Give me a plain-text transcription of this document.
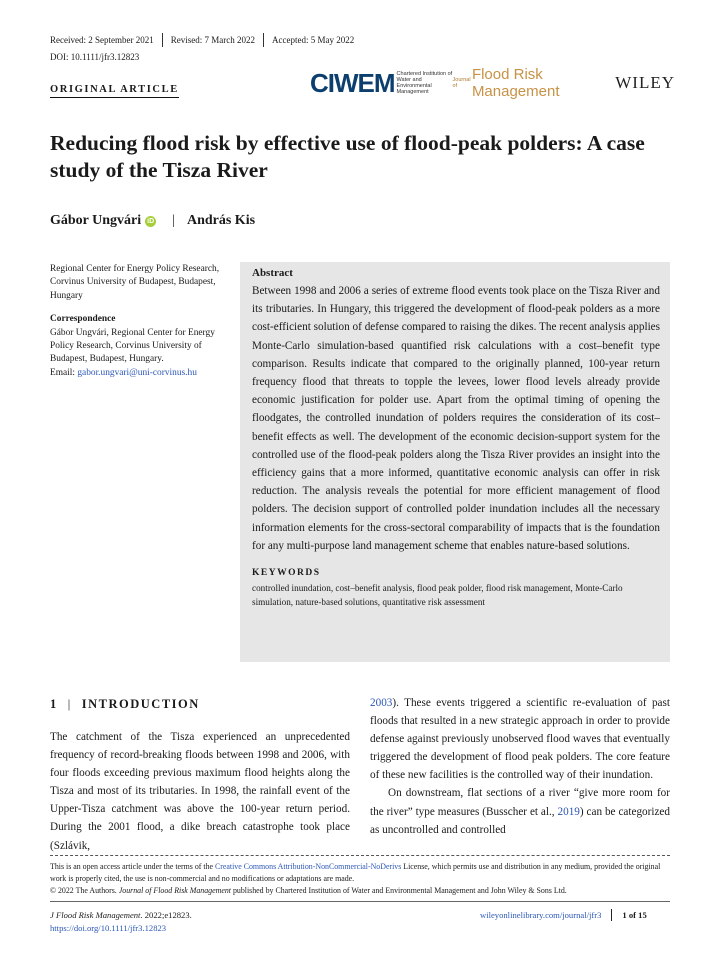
Received: 2 September 2021	Revised: 7 March 2022	Accepted: 5 May 2022
DOI: 10.1111/jfr3.12823
ORIGINAL ARTICLE	CIWEM Chartered Institution of Water and Environmental Management
Journal of
Flood Risk Management	WILEY
Reducing flood risk by effective use of flood-peak polders: A case study of the Tisza River
Gábor Ungvári iD | András Kis
Regional Center for Energy Policy Research, Corvinus University of Budapest, Budapest, Hungary
Correspondence
Gábor Ungvári, Regional Center for Energy Policy Research, Corvinus University of Budapest, Budapest, Hungary.
Email: gabor.ungvari@uni-corvinus.hu
Abstract
Between 1998 and 2006 a series of extreme flood events took place on the Tisza River and its tributaries. In Hungary, this triggered the development of flood-peak polders as a more cost-efficient solution of defense compared to raising the dikes. The recent analysis applies Monte-Carlo simulation-based quantified risk calculations with a cost–benefit type comparison. Results indicate that compared to the originally planned, 100-year return frequency flood that threats to topple the levees, lower flood levels already provide economic justification for polder use. Apart from the optimal timing of opening the floodgates, the controlled inundation of polders requires the consideration of its cost–benefit effects as well. The development of the economic decision-support system for the controlled use of the flood-peak polders along the Tisza River provides an insight into the efficiency gains that a more informed, quantitative economic analysis can offer in risk reduction. The analysis reveals the potential for more efficient management of flood polders. The decision support of controlled polder inundation includes all the necessary information elements for the cross-sectoral comparability of impacts that is the foundation for any multi-purpose land management scheme that enables nature-based solutions.
KEYWORDS
controlled inundation, cost–benefit analysis, flood peak polder, flood risk management, Monte-Carlo simulation, nature-based solutions, quantitative risk assessment
1 | INTRODUCTION
The catchment of the Tisza experienced an unprecedented frequency of record-breaking floods between 1998 and 2006, with four floods exceeding previous maximum flood heights along the Tisza and most of its tributaries. In 1998, the rainfall event of the Upper-Tisza catchment was above the 100-year return period. During the 2001 flood, a dike breach catastrophe took place (Szlávik,
2003). These events triggered a scientific re-evaluation of past floods that resulted in a new strategic approach in order to provide defense against previously unobserved flood waves that eventually triggered the development of flood peak polders. The core feature of these new facilities is the controlled way of their inundation.
On downstream, flat sections of a river “give more room for the river” type measures (Busscher et al., 2019) can be categorized as uncontrolled and controlled
This is an open access article under the terms of the Creative Commons Attribution-NonCommercial-NoDerivs License, which permits use and distribution in any medium, provided the original work is properly cited, the use is non-commercial and no modifications or adaptations are made.
© 2022 The Authors. Journal of Flood Risk Management published by Chartered Institution of Water and Environmental Management and John Wiley & Sons Ltd.
J Flood Risk Management. 2022;e12823.
https://doi.org/10.1111/jfr3.12823
wileyonlinelibrary.com/journal/jfr3 1 of 15
